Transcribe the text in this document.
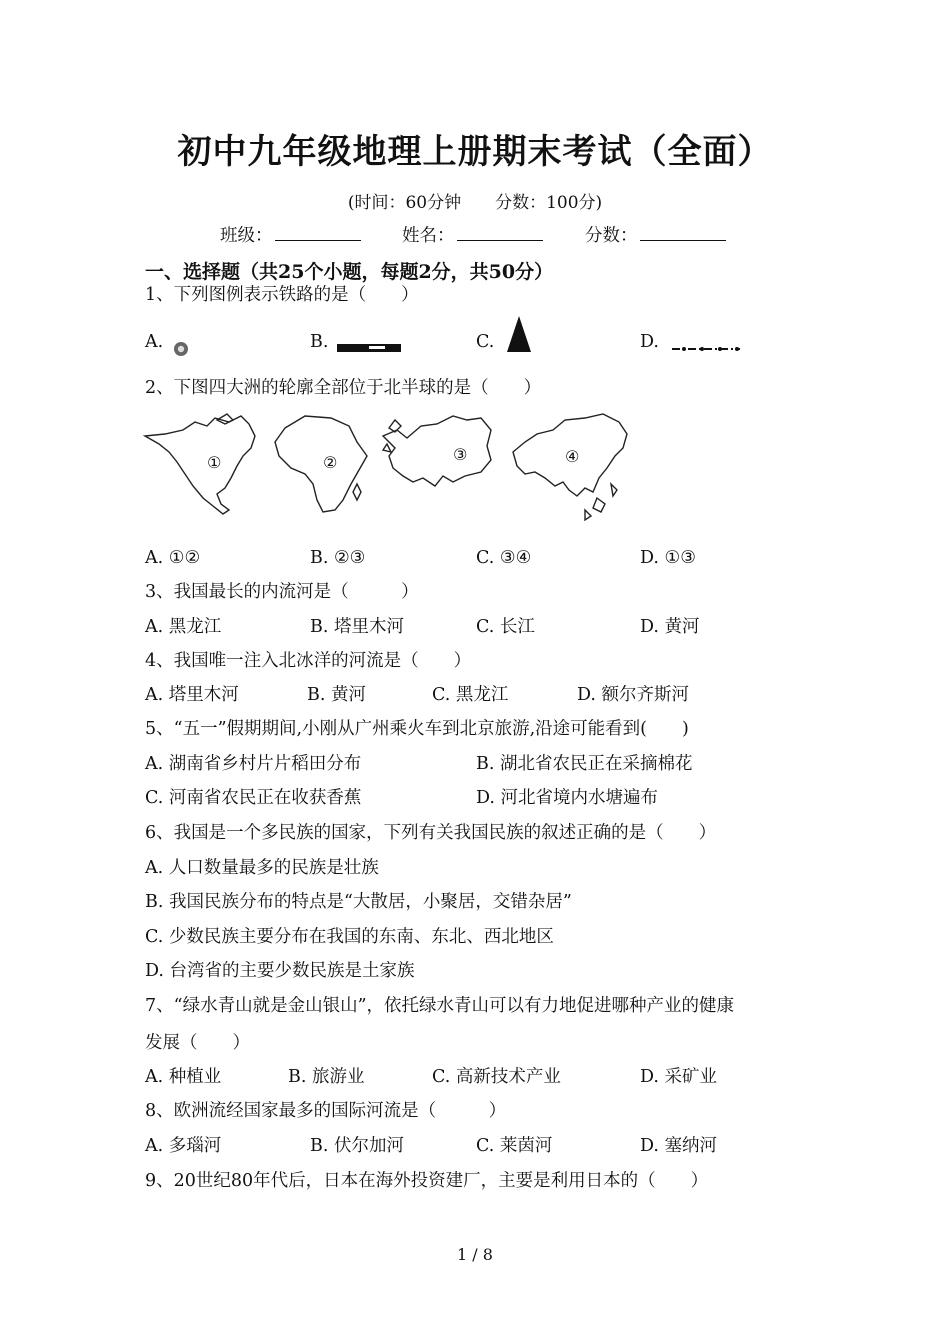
初中九年级地理上册期末考试（全面）
(时间：60分钟　　分数：100分)
班级：	姓名：	分数：
一、选择题（共25个小题，每题2分，共50分）
1、下列图例表示铁路的是（　　）
A.	B.	C.	D.
2、下图四大洲的轮廓全部位于北半球的是（　　）
①	②	③	④
A. ①②	B. ②③	C. ③④	D. ①③
3、我国最长的内流河是（　　　）
A. 黑龙江	B. 塔里木河	C. 长江	D. 黄河
4、我国唯一注入北冰洋的河流是（　　）
A. 塔里木河	B. 黄河	C. 黑龙江	D. 额尔齐斯河
5、“五一”假期期间,小刚从广州乘火车到北京旅游,沿途可能看到(　　)
A. 湖南省乡村片片稻田分布	B. 湖北省农民正在采摘棉花
C. 河南省农民正在收获香蕉	D. 河北省境内水塘遍布
6、我国是一个多民族的国家，下列有关我国民族的叙述正确的是（　　）
A. 人口数量最多的民族是壮族
B. 我国民族分布的特点是“大散居，小聚居，交错杂居”
C. 少数民族主要分布在我国的东南、东北、西北地区
D. 台湾省的主要少数民族是土家族
7、“绿水青山就是金山银山”，依托绿水青山可以有力地促进哪种产业的健康
发展（　　）
A. 种植业	B. 旅游业	C. 高新技术产业	D. 采矿业
8、欧洲流经国家最多的国际河流是（　　　）
A. 多瑙河	B. 伏尔加河	C. 莱茵河	D. 塞纳河
9、20世纪80年代后，日本在海外投资建厂，主要是利用日本的（　　）
1 / 8
